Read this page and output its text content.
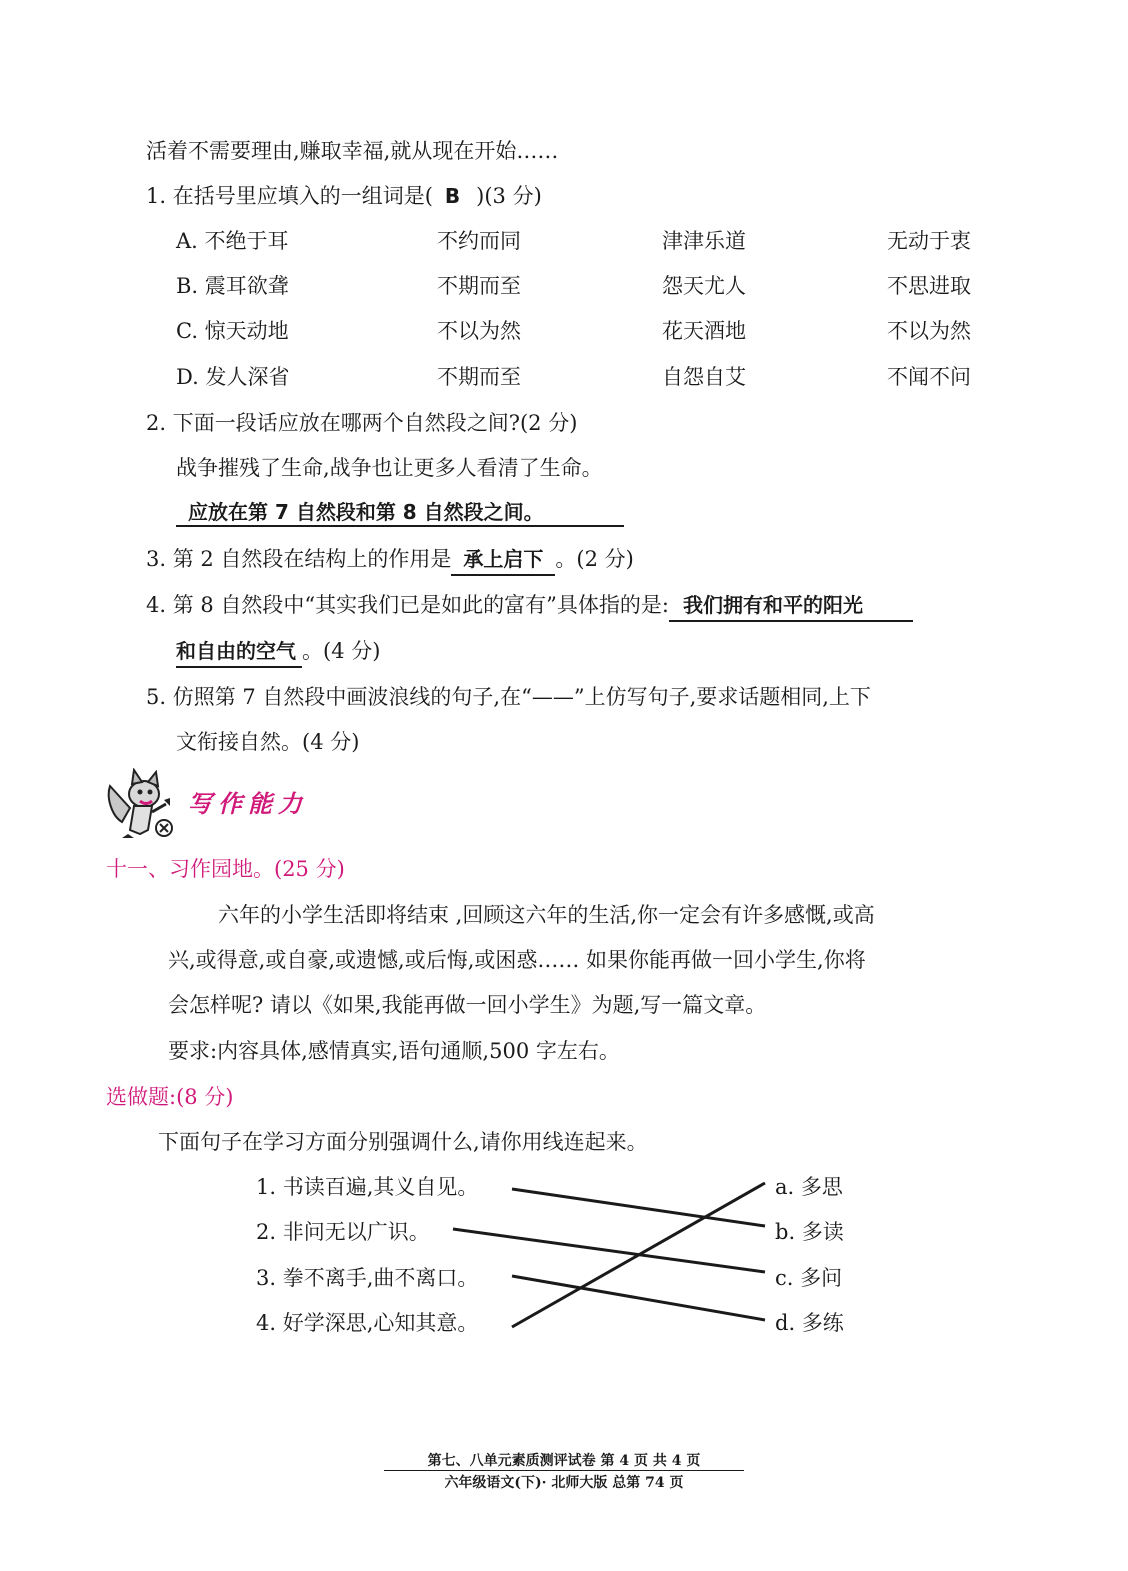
活着不需要理由,赚取幸福,就从现在开始……
1. 在括号里应填入的一组词是( B )(3 分)
A. 不绝于耳	不约而同	津津乐道	无动于衷
B. 震耳欲聋	不期而至	怨天尤人	不思进取
C. 惊天动地	不以为然	花天酒地	不以为然
D. 发人深省	不期而至	自怨自艾	不闻不问
2. 下面一段话应放在哪两个自然段之间?(2 分)
战争摧残了生命,战争也让更多人看清了生命。
应放在第 7 自然段和第 8 自然段之间。
3. 第 2 自然段在结构上的作用是 承上启下 。(2 分)
4. 第 8 自然段中“其实我们已是如此的富有”具体指的是: 我们拥有和平的阳光
和自由的空气 。(4 分)
5. 仿照第 7 自然段中画波浪线的句子,在“——”上仿写句子,要求话题相同,上下
文衔接自然。(4 分)
写作能力
十一、习作园地。(25 分)
六年的小学生活即将结束 ,回顾这六年的生活,你一定会有许多感慨,或高
兴,或得意,或自豪,或遗憾,或后悔,或困惑…… 如果你能再做一回小学生,你将
会怎样呢? 请以《如果,我能再做一回小学生》为题,写一篇文章。
要求:内容具体,感情真实,语句通顺,500 字左右。
选做题:(8 分)
下面句子在学习方面分别强调什么,请你用线连起来。
1. 书读百遍,其义自见。
2. 非问无以广识。
3. 拳不离手,曲不离口。
4. 好学深思,心知其意。
a. 多思
b. 多读
c. 多问
d. 多练
第七、八单元素质测评试卷 第 4 页 共 4 页
六年级语文(下)· 北师大版 总第 74 页
